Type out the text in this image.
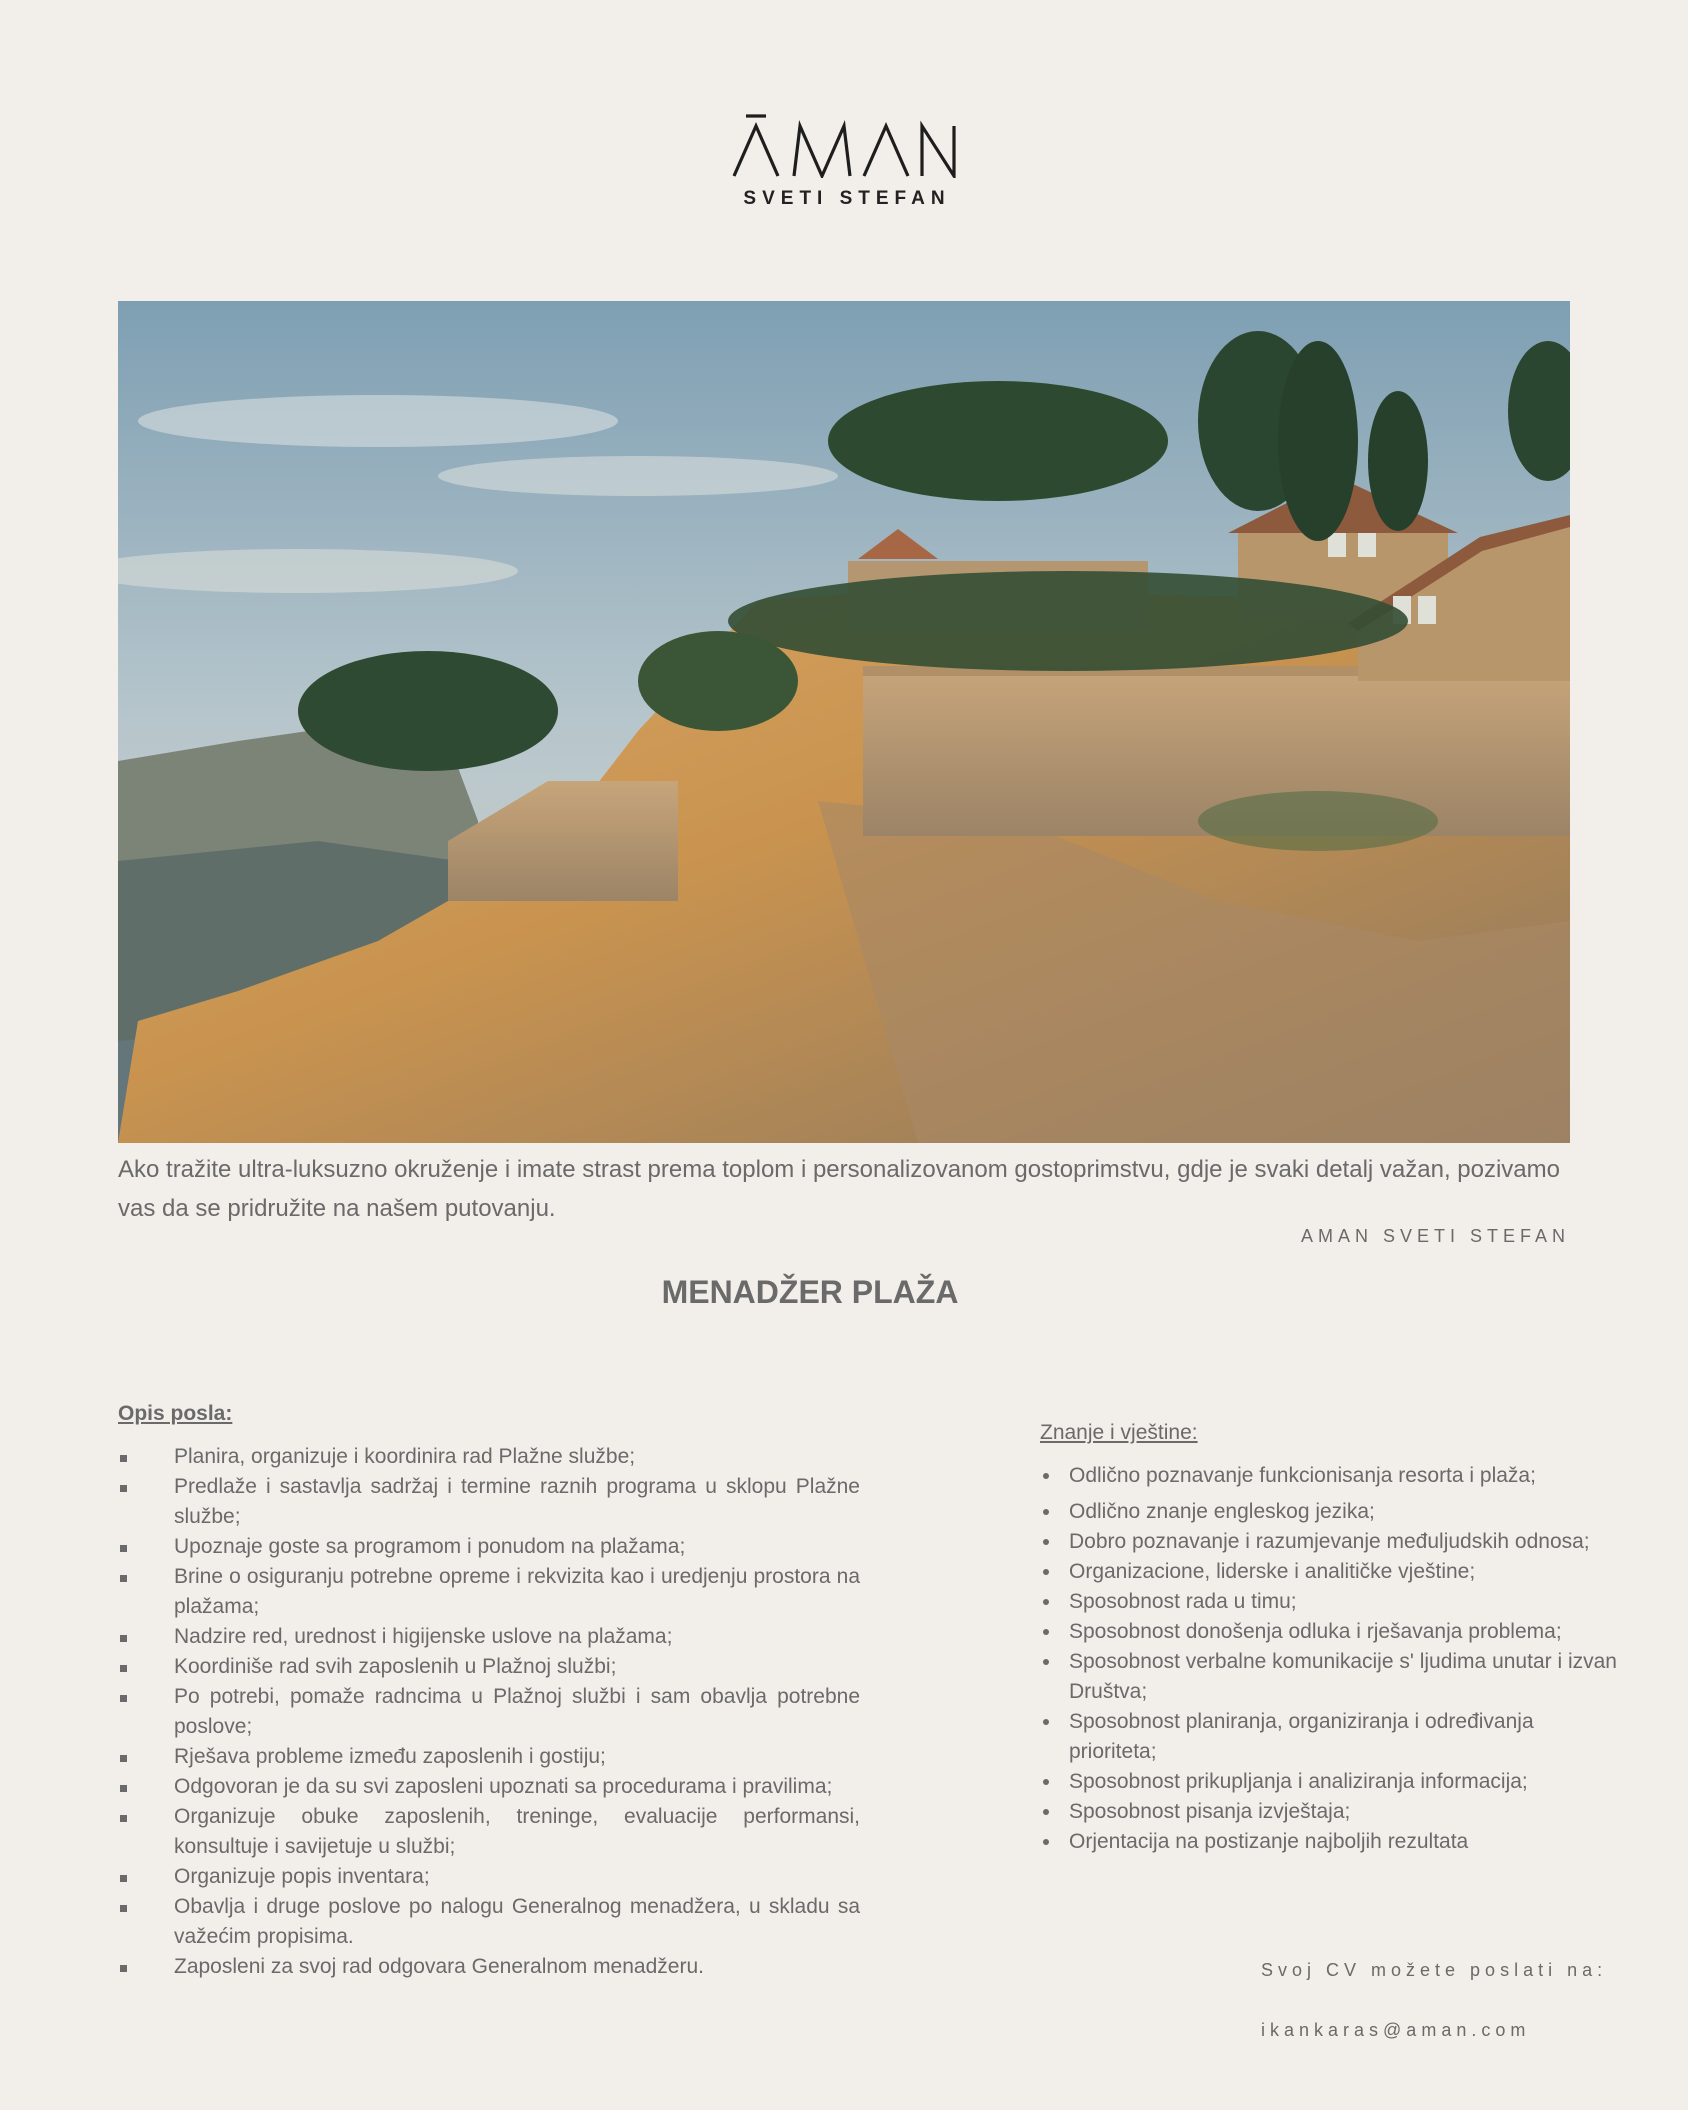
SVETI STEFAN

Ako tražite ultra-luksuzno okruženje i imate strast prema toplom i personalizovanom gostoprimstvu, gdje je svaki detalj važan, pozivamo vas da se pridružite na našem putovanju.

AMAN SVETI STEFAN
MENADŽER PLAŽA
Opis posla:
Planira, organizuje i koordinira rad Plažne službe;
Predlaže i sastavlja sadržaj i termine raznih programa u sklopu Plažne službe;
Upoznaje goste sa programom i ponudom na plažama;
Brine o osiguranju potrebne opreme i rekvizita kao i uredjenju prostora na plažama;
Nadzire red, urednost i higijenske uslove na plažama;
Koordiniše rad svih zaposlenih u Plažnoj službi;
Po potrebi, pomaže radncima u Plažnoj službi i sam obavlja potrebne poslove;
Rješava probleme između zaposlenih i gostiju;
Odgovoran je da su svi zaposleni upoznati sa procedurama i pravilima;
Organizuje obuke zaposlenih, treninge, evaluacije performansi, konsultuje i savijetuje u službi;
Organizuje popis inventara;
Obavlja i druge poslove po nalogu Generalnog menadžera, u skladu sa važećim propisima.
Zaposleni za svoj rad odgovara Generalnom menadžeru.
Znanje i vještine:
Odlično poznavanje funkcionisanja resorta i plaža;
Odlično znanje engleskog jezika;
Dobro poznavanje i razumjevanje međuljudskih odnosa;
Organizacione, liderske i analitičke vještine;
Sposobnost rada u timu;
Sposobnost donošenja odluka i rješavanja problema;
Sposobnost verbalne komunikacije s' ljudima unutar i izvan Društva;
Sposobnost planiranja, organiziranja i određivanja prioriteta;
Sposobnost prikupljanja i analiziranja informacija;
Sposobnost pisanja izvještaja;
Orjentacija na postizanje najboljih rezultata
Svoj CV možete poslati na:
ikankaras@aman.com
